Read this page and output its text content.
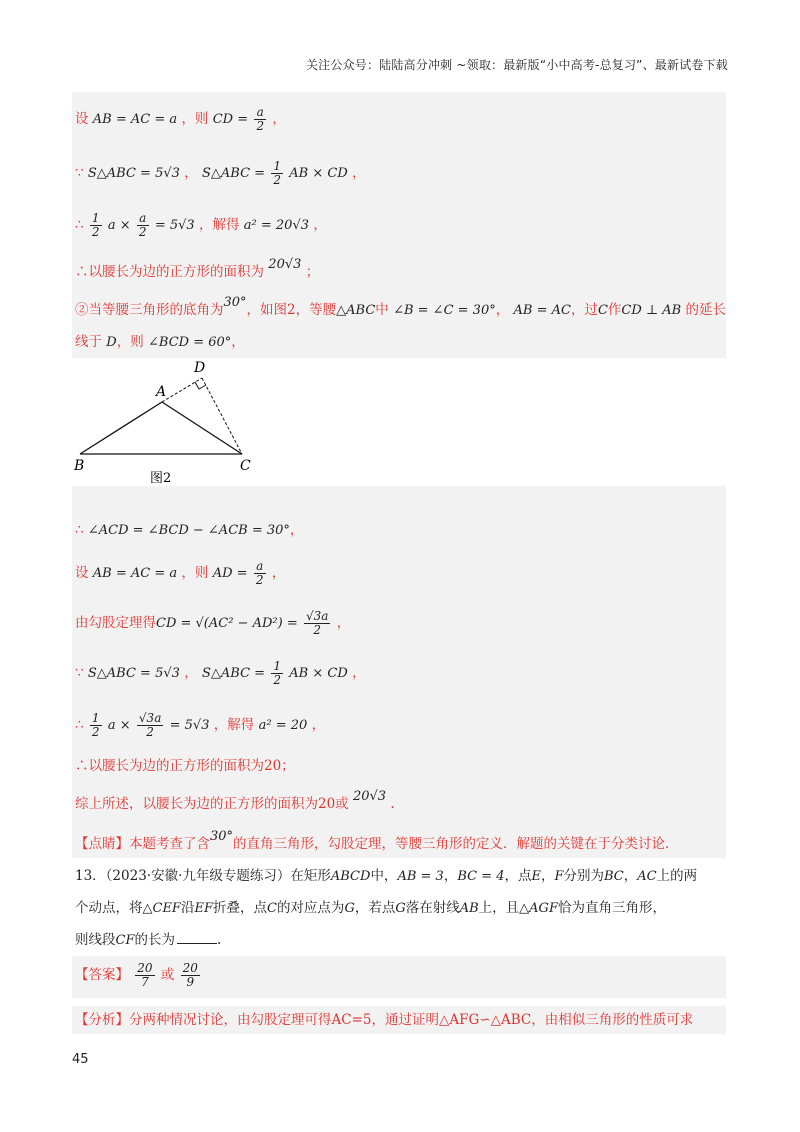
关注公众号：陆陆高分冲刺 ~领取：最新版“小中高考-总复习”、最新试卷下载
设 AB = AC = a ，则 CD = $\frac{a}{2}$ ，
∵ S△ABC = 5√3 ， S△ABC = $\frac{1}{2}$ AB × CD ，
∴ $\frac{1}{2}$ $a \times \frac{a}{2} = 5√3$ ，解得 a² = 20√3 ，
∴以腰长为边的正方形的面积为 20√3 ；
②当等腰三角形的底角为30°，如图2，等腰△ABC中 ∠B = ∠C = 30°， AB = AC，过C作CD ⊥ AB 的延长
线于 D，则 ∠BCD = 60°，
A
B	C
D
图2
∴ ∠ACD = ∠BCD − ∠ACB = 30°，
设 AB = AC = a ，则 AD = $\frac{a}{2}$ ，
由勾股定理得CD = $√(AC^2 - AD^2) = \frac{√3a}{2}$ ，
∵ S△ABC = 5√3 ， S△ABC = $\frac{1}{2}$ AB × CD ，
∴ $\frac{1}{2}$ $a \times \frac{√3a}{2} = 5√3$ ，解得 a² = 20 ，
∴以腰长为边的正方形的面积为20；
综上所述，以腰长为边的正方形的面积为20或 20√3 .
【点睛】本题考查了含30°的直角三角形，勾股定理，等腰三角形的定义．解题的关键在于分类讨论．
13．（2023·安徽·九年级专题练习）在矩形ABCD中，AB = 3，BC = 4，点E，F分别为BC，AC上的两
个动点，将△CEF沿EF折叠，点C的对应点为G，若点G落在射线AB上，且△AGF恰为直角三角形，
则线段CF的长为	.
【答案】 $\frac{20}{7}$ 或 $\frac{20}{9}$
【分析】分两种情况讨论，由勾股定理可得AC=5，通过证明△AFG∽△ABC，由相似三角形的性质可求
45
